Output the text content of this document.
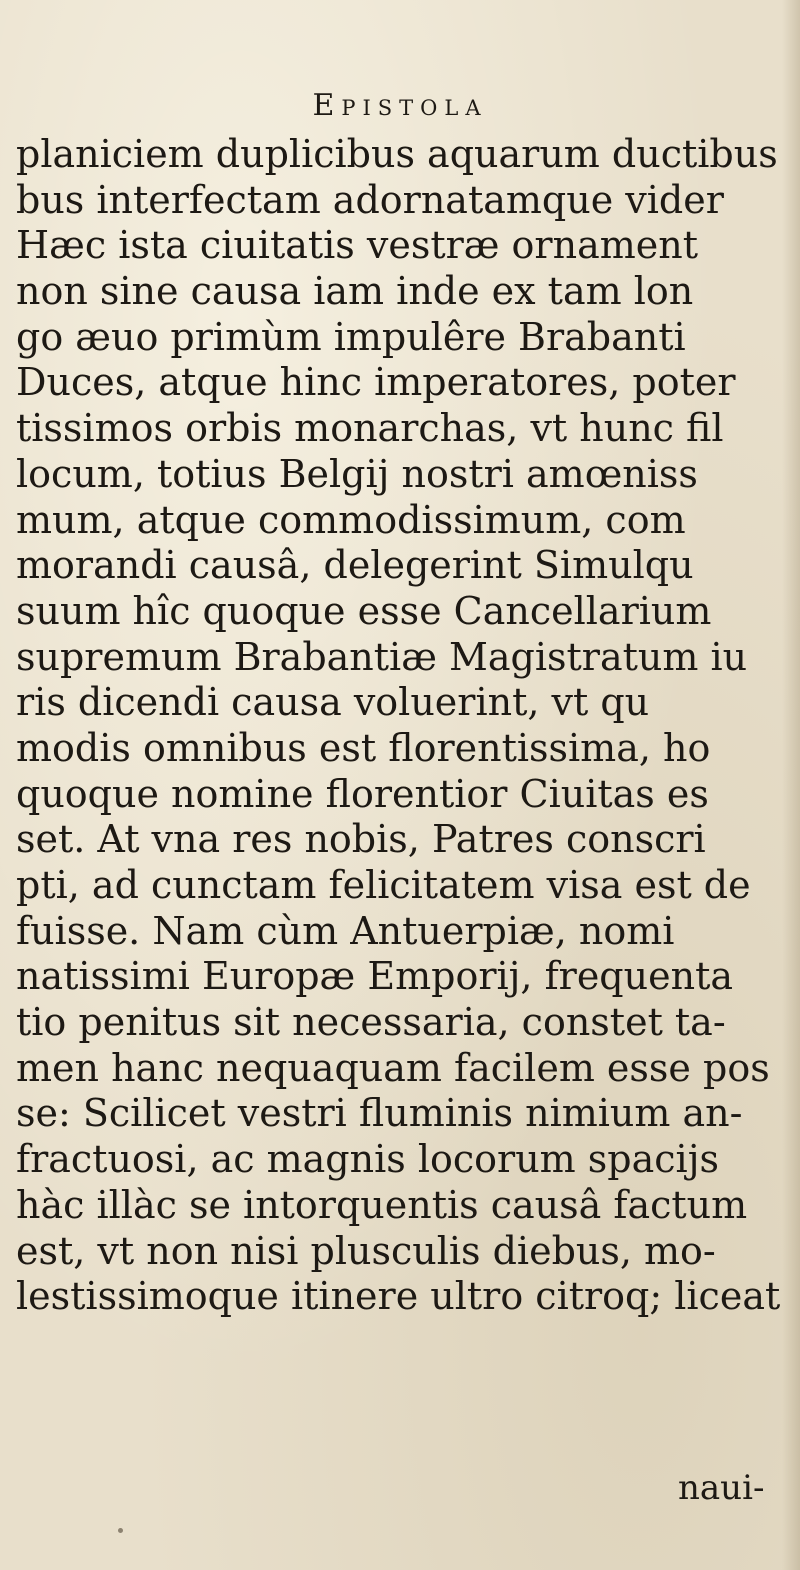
Epistola
planiciem duplicibus aquarum ductibus
bus interfectam adornatamque vider
Hæc ista ciuitatis vestræ ornament
non sine causa iam inde ex tam lon
go æuo primùm impulêre Brabanti
Duces, atque hinc imperatores, poter
tissimos orbis monarchas, vt hunc fil
locum, totius Belgij nostri amœniss
mum, atque commodissimum, com
morandi causâ, delegerint Simulqu
suum hîc quoque esse Cancellarium
supremum Brabantiæ Magistratum iu
ris dicendi causa voluerint, vt qu
modis omnibus est florentissima, ho
quoque nomine florentior Ciuitas es
set. At vna res nobis, Patres conscri
pti, ad cunctam felicitatem visa est de
fuisse. Nam cùm Antuerpiæ, nomi
natissimi Europæ Emporij, frequenta
tio penitus sit necessaria, constet ta-
men hanc nequaquam facilem esse pos
se: Scilicet vestri fluminis nimium an-
fractuosi, ac magnis locorum spacijs
hàc illàc se intorquentis causâ factum
est, vt non nisi plusculis diebus, mo-
lestissimoque itinere ultro citroq; liceat
naui-
